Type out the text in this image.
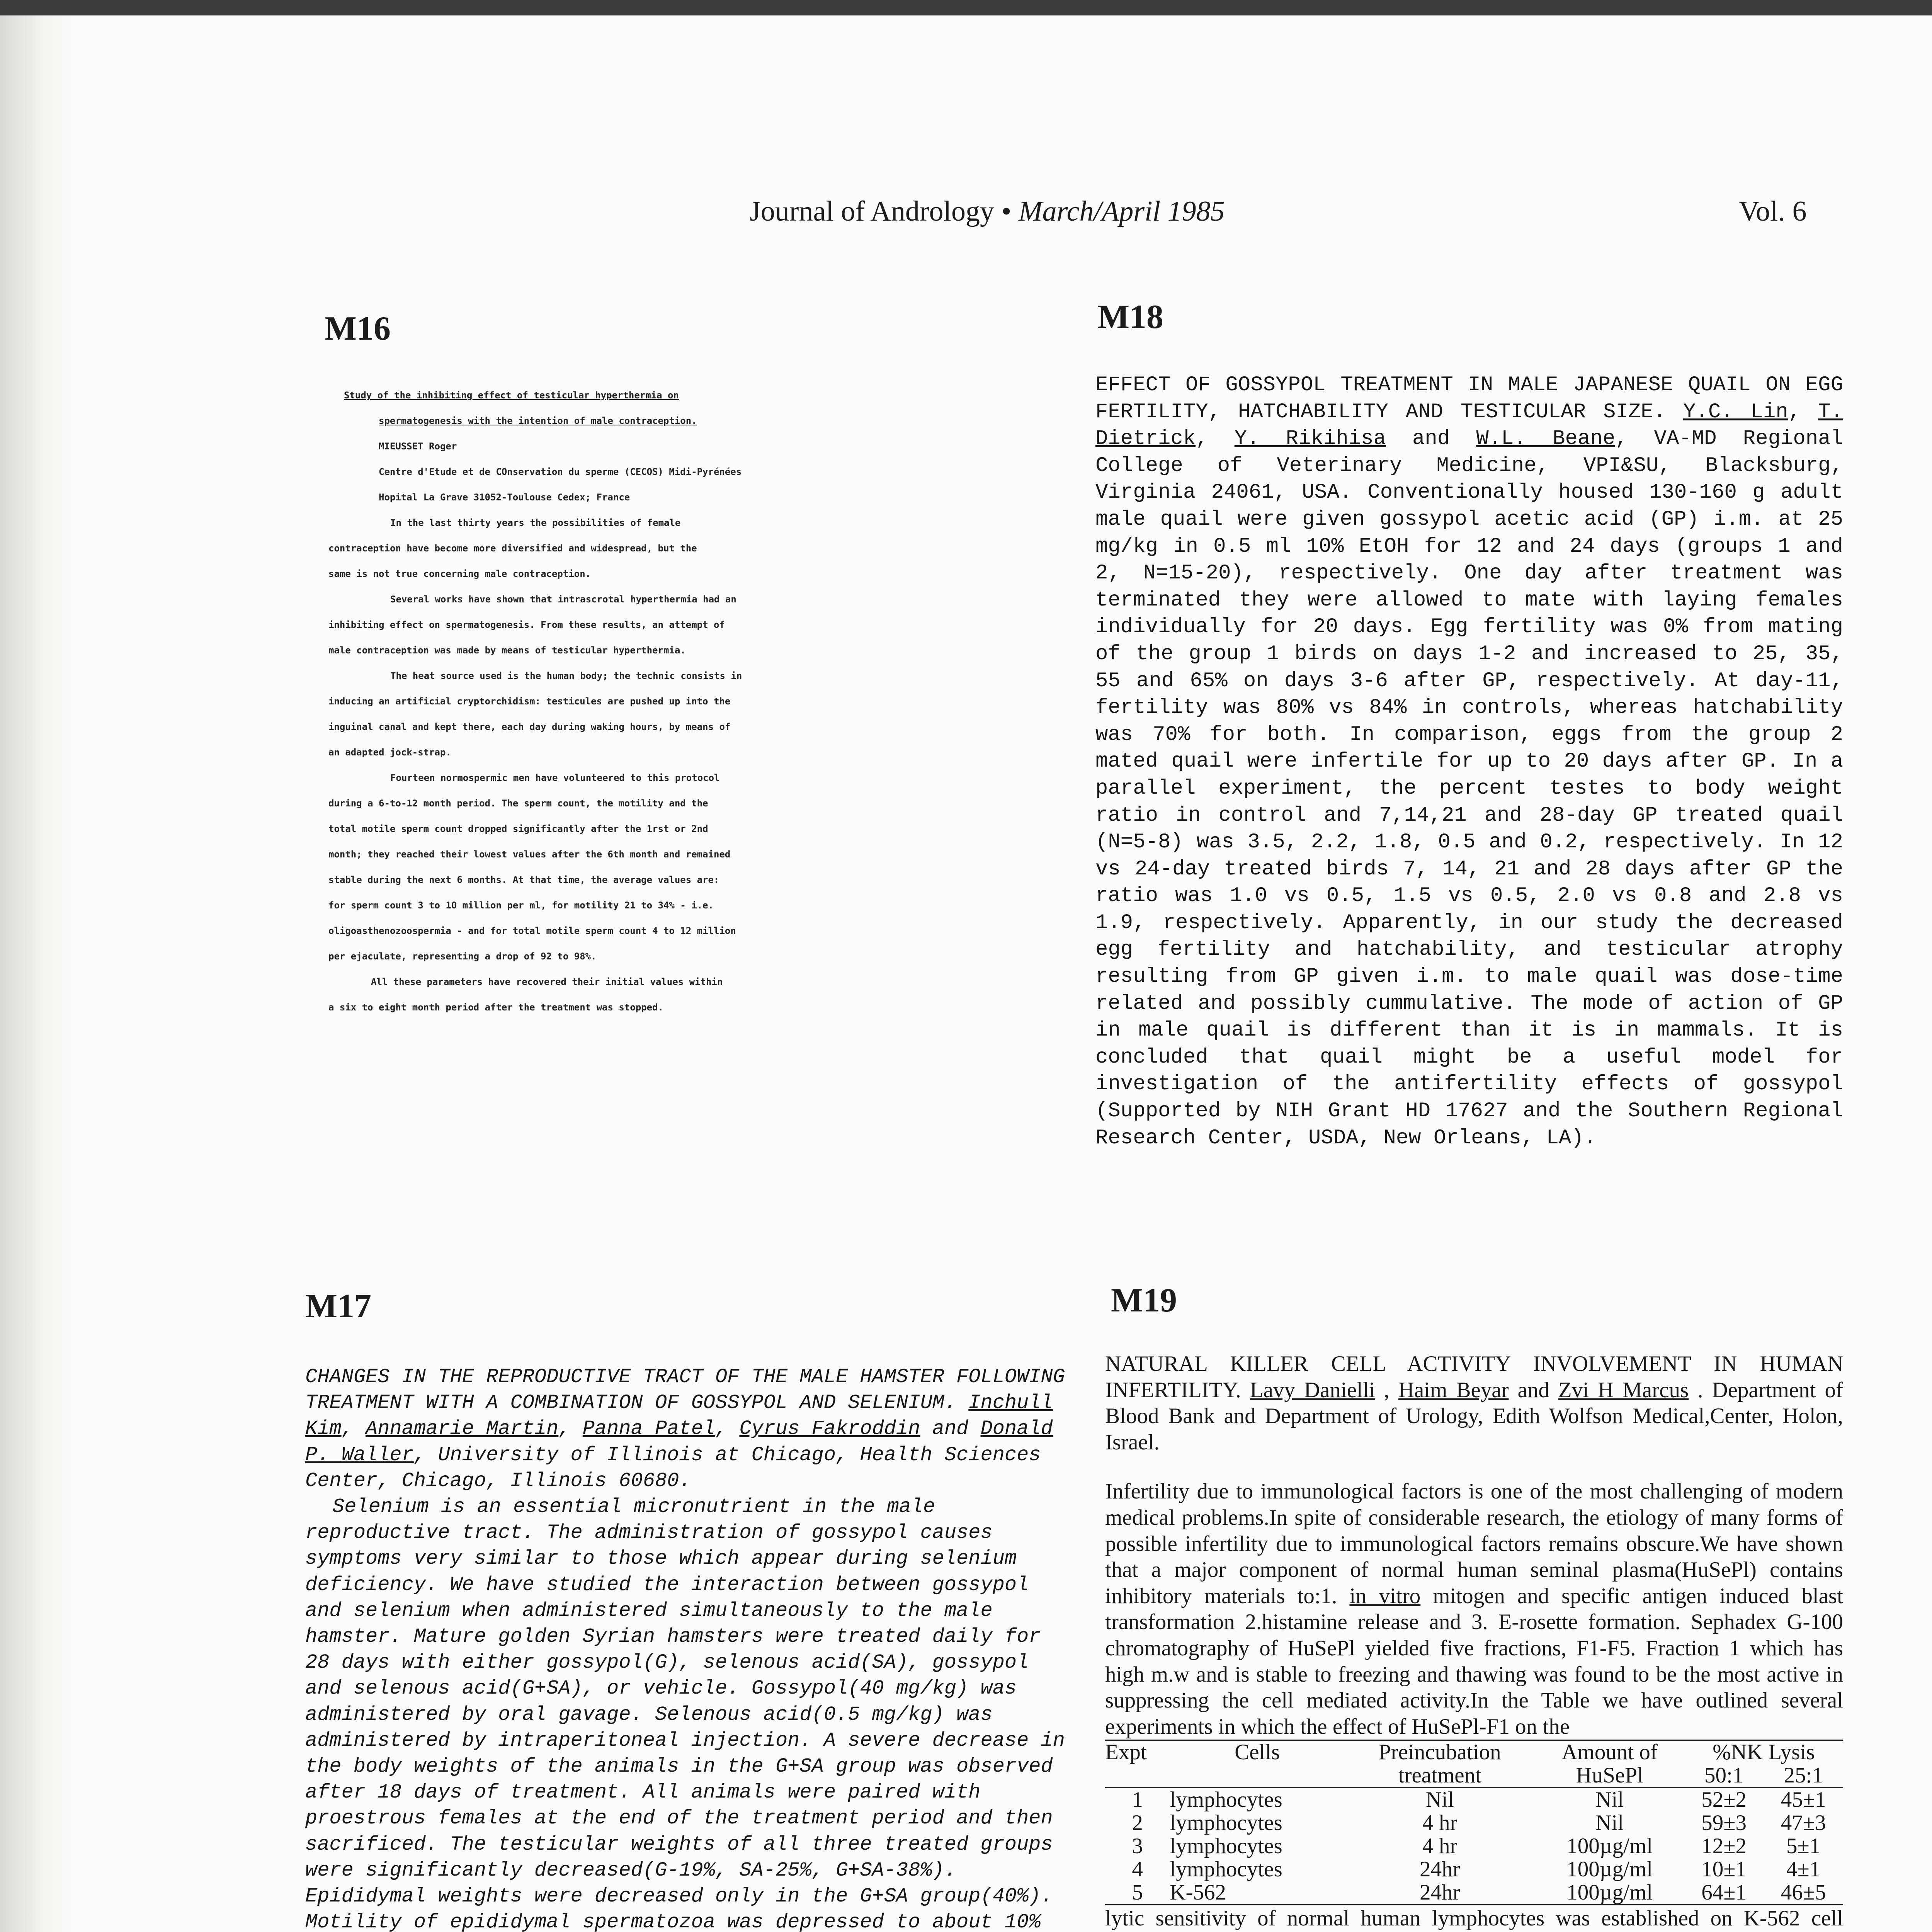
Journal of Andrology • March/April 1985	Vol. 6
M16

Study of the inhibiting effect of testicular hyperthermia on

spermatogenesis with the intention of male contraception.

MIEUSSET Roger

Centre d'Etude et de COnservation du sperme (CECOS) Midi-Pyrénées

Hopital La Grave 31052-Toulouse Cedex; France

In the last thirty years the possibilities of female

contraception have become more diversified and widespread, but the

same is not true concerning male contraception.

Several works have shown that intrascrotal hyperthermia had an

inhibiting effect on spermatogenesis. From these results, an attempt of

male contraception was made by means of testicular hyperthermia.

The heat source used is the human body; the technic consists in

inducing an artificial cryptorchidism: testicules are pushed up into the

inguinal canal and kept there, each day during waking hours, by means of

an adapted jock-strap.

Fourteen normospermic men have volunteered to this protocol

during a 6-to-12 month period. The sperm count, the motility and the

total motile sperm count dropped significantly after the 1rst or 2nd

month; they reached their lowest values after the 6th month and remained

stable during the next 6 months. At that time, the average values are:

for sperm count 3 to 10 million per ml, for motility 21 to 34% - i.e.

oligoasthenozoospermia - and for total motile sperm count 4 to 12 million

per ejaculate, representing a drop of 92 to 98%.

All these parameters have recovered their initial values within

a six to eight month period after the treatment was stopped.

M18

EFFECT OF GOSSYPOL TREATMENT IN MALE JAPANESE QUAIL ON EGG FERTILITY, HATCHABILITY AND TESTICULAR SIZE. Y.C. Lin, T. Dietrick, Y. Rikihisa and W.L. Beane, VA-MD Regional College of Veterinary Medicine, VPI&SU, Blacksburg, Virginia 24061, USA. Conventionally housed 130-160 g adult male quail were given gossypol acetic acid (GP) i.m. at 25 mg/kg in 0.5 ml 10% EtOH for 12 and 24 days (groups 1 and 2, N=15-20), respectively. One day after treatment was terminated they were allowed to mate with laying females individually for 20 days. Egg fertility was 0% from mating of the group 1 birds on days 1-2 and increased to 25, 35, 55 and 65% on days 3-6 after GP, respectively. At day-11, fertility was 80% vs 84% in controls, whereas hatchability was 70% for both. In comparison, eggs from the group 2 mated quail were infertile for up to 20 days after GP. In a parallel experiment, the percent testes to body weight ratio in control and 7,14,21 and 28-day GP treated quail (N=5-8) was 3.5, 2.2, 1.8, 0.5 and 0.2, respectively. In 12 vs 24-day treated birds 7, 14, 21 and 28 days after GP the ratio was 1.0 vs 0.5, 1.5 vs 0.5, 2.0 vs 0.8 and 2.8 vs 1.9, respectively. Apparently, in our study the decreased egg fertility and hatchability, and testicular atrophy resulting from GP given i.m. to male quail was dose-time related and possibly cummulative. The mode of action of GP in male quail is different than it is in mammals. It is concluded that quail might be a useful model for investigation of the antifertility effects of gossypol (Supported by NIH Grant HD 17627 and the Southern Regional Research Center, USDA, New Orleans, LA).

M17

CHANGES IN THE REPRODUCTIVE TRACT OF THE MALE HAMSTER FOLLOWING TREATMENT WITH A COMBINATION OF GOSSYPOL AND SELENIUM. Inchull Kim, Annamarie Martin, Panna Patel, Cyrus Fakroddin and Donald P. Waller, University of Illinois at Chicago, Health Sciences Center, Chicago, Illinois 60680.

Selenium is an essential micronutrient in the male reproductive tract. The administration of gossypol causes symptoms very similar to those which appear during selenium deficiency. We have studied the interaction between gossypol and selenium when administered simultaneously to the male hamster. Mature golden Syrian hamsters were treated daily for 28 days with either gossypol(G), selenous acid(SA), gossypol and selenous acid(G+SA), or vehicle. Gossypol(40 mg/kg) was administered by oral gavage. Selenous acid(0.5 mg/kg) was administered by intraperitoneal injection. A severe decrease in the body weights of the animals in the G+SA group was observed after 18 days of treatment. All animals were paired with proestrous females at the end of the treatment period and then sacrificed. The testicular weights of all three treated groups were significantly decreased(G-19%, SA-25%, G+SA-38%). Epididymal weights were decreased only in the G+SA group(40%). Motility of epididymal spermatozoa was depressed to about 10%

M19

NATURAL KILLER CELL ACTIVITY INVOLVEMENT IN HUMAN INFERTILITY. Lavy Danielli , Haim Beyar and Zvi H Marcus . Department of Blood Bank and Department of Urology, Edith Wolfson Medical,Center, Holon, Israel.

Infertility due to immunological factors is one of the most challenging of modern medical problems.In spite of considerable research, the etiology of many forms of possible infertility due to immunological factors remains obscure.We have shown that a major component of normal human seminal plasma(HuSePl) contains inhibitory materials to:1. in vitro mitogen and specific antigen induced blast transformation 2.histamine release and 3. E-rosette formation. Sephadex G-100 chromatography of HuSePl yielded five fractions, F1-F5. Fraction 1 which has high m.w and is stable to freezing and thawing was found to be the most active in suppressing the cell mediated activity.In the Table we have outlined several experiments in which the effect of HuSePl-F1 on the

Expt	Cells	Preincubation	Amount of	%NK Lysis	
		treatment	HuSePl	50:1	25:1
1	lymphocytes	Nil	Nil	52±2	45±1
2	lymphocytes	4 hr	Nil	59±3	47±3
3	lymphocytes	4 hr	100µg/ml	12±2	5±1
4	lymphocytes	24hr	100µg/ml	10±1	4±1
5	K-562	24hr	100µg/ml	64±1	46±5

lytic sensitivity of normal human lymphocytes was established on K-562 cell
